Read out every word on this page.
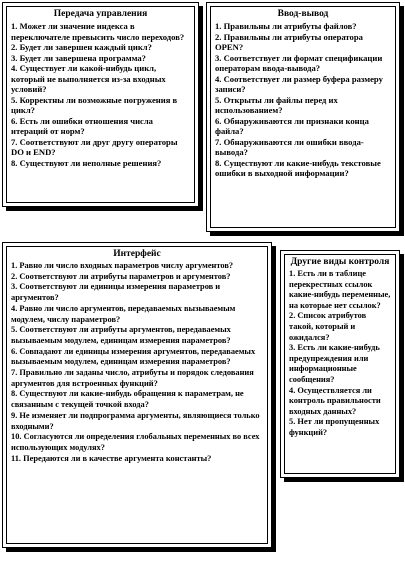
Передача управления
1. Может ли значение индекса в переключателе превысить число переходов?
2. Будет ли завершен каждый цикл?
3. Будет ли завершена программа?
4. Существует ли какой-нибудь цикл, который не выполняется из-за входных условий?
5. Корректны ли возможные погружения в цикл?
6. Есть ли ошибки отношения числа итераций от норм?
7. Соответствуют ли друг другу операторы DO и END?
8. Существуют ли неполные решения?
Ввод-вывод
1. Правильны ли атрибуты файлов?
2. Правильны ли атрибуты оператора OPEN?
3. Соответствует ли формат спецификации операторам ввода-вывода?
4. Соответствует ли размер буфера размеру записи?
5. Открыты ли файлы перед их использованием?
6. Обнаруживаются ли признаки конца файла?
7. Обнаруживаются ли ошибки ввода-вывода?
8. Существуют ли какие-нибудь текстовые ошибки в выходной информации?
Интерфейс
1. Равно ли число входных параметров числу аргументов?
2. Соответствуют ли атрибуты параметров и аргументов?
3. Соответствуют ли единицы измерения параметров и аргументов?
4. Равно ли число аргументов, передаваемых вызываемым модулем, числу параметров?
5. Соответствуют ли атрибуты аргументов, передаваемых вызываемым модулем, единицам измерения параметров?
6. Совпадают ли единицы измерения аргументов, передаваемых вызываемым модулем, единицам измерения параметров?
7. Правильно ли заданы число, атрибуты и порядок следования аргументов для встроенных функций?
8. Существуют ли какие-нибудь обращения к параметрам, не связанным с текущей точкой входа?
9. Не изменяет ли подпрограмма аргументы, являющиеся только входными?
10. Согласуются ли определения глобальных переменных во всех использующих модулях?
11. Передаются ли в качестве аргумента константы?
Другие виды контроля
1. Есть ли в таблице перекрестных ссылок какие-нибудь переменные, на которые нет ссылок?
2. Список атрибутов такой, который и ожидался?
3. Есть ли какие-нибудь предупреждения или информационные сообщения?
4. Осуществляется ли контроль правильности входных данных?
5. Нет ли пропущенных функций?
